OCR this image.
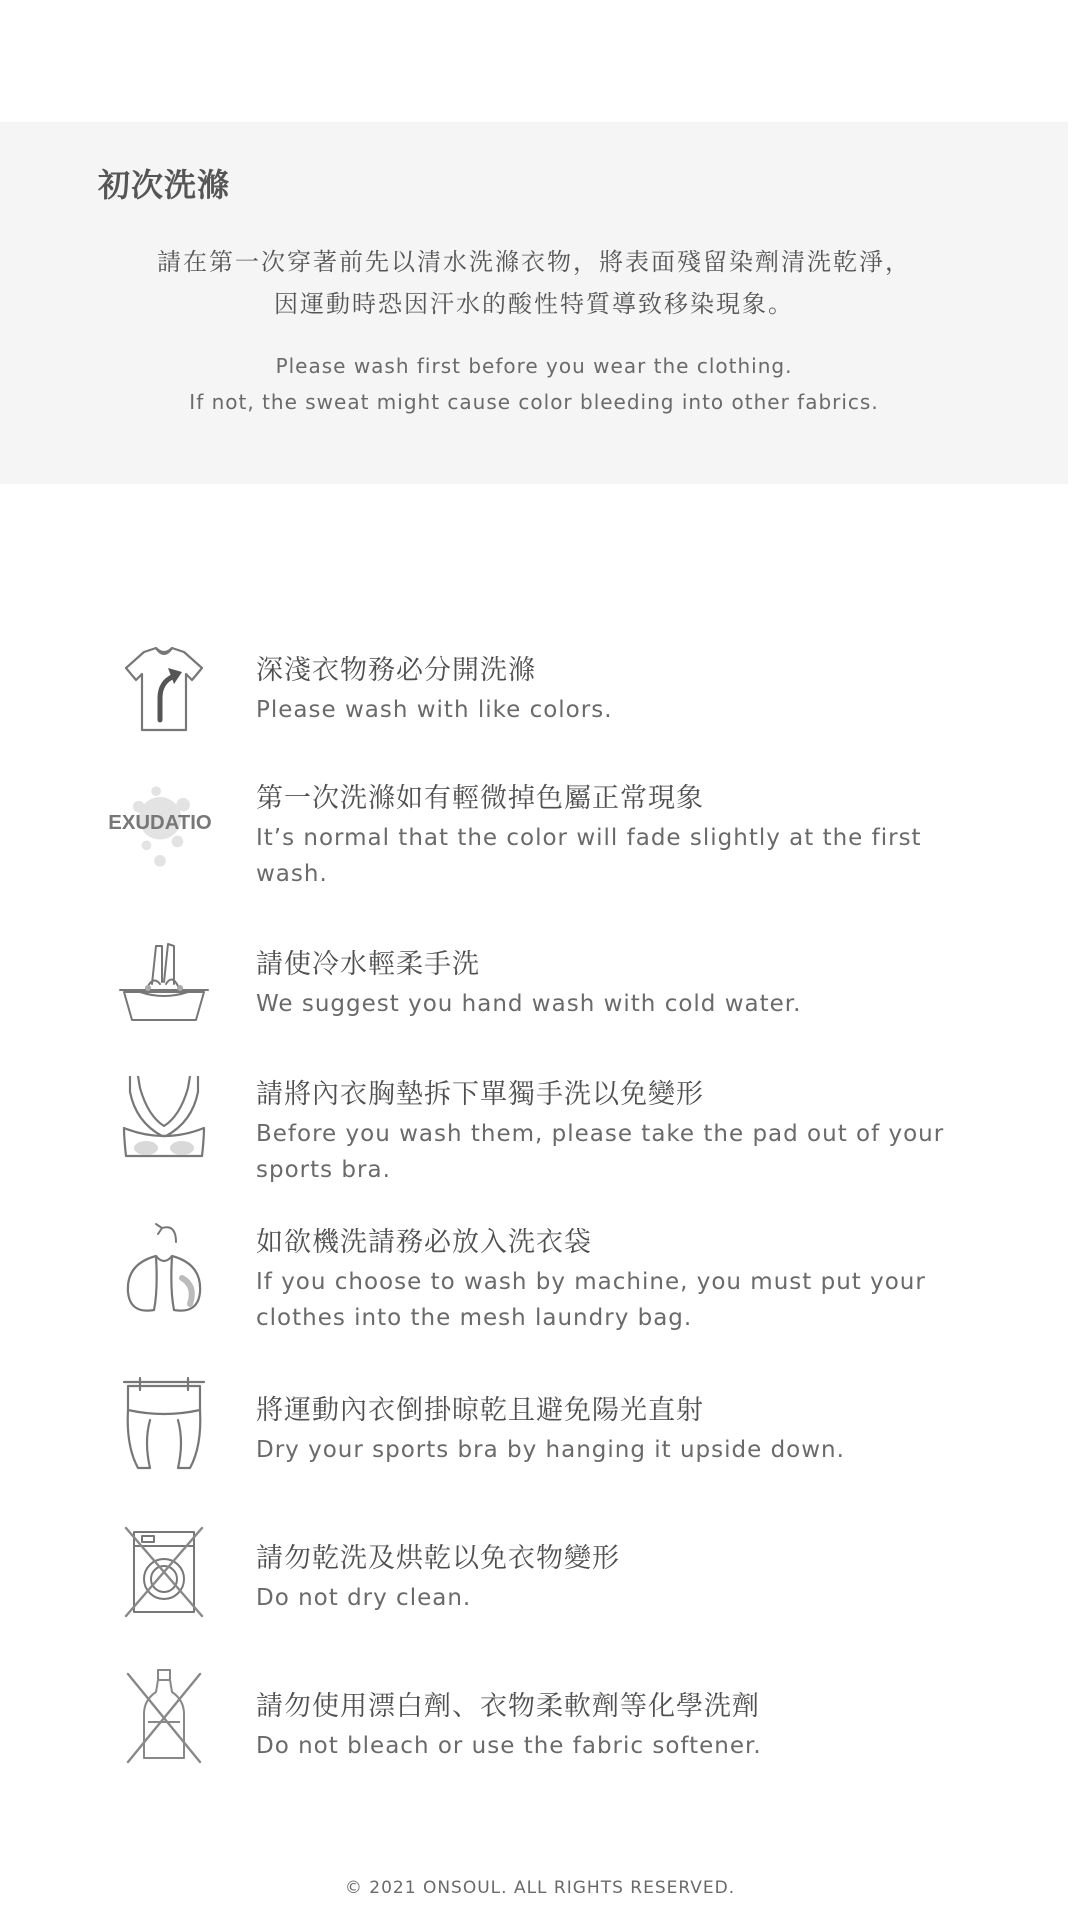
初次洗滌
請在第一次穿著前先以清水洗滌衣物，將表面殘留染劑清洗乾淨，
因運動時恐因汗水的酸性特質導致移染現象。
Please wash first before you wear the clothing.
If not, the sweat might cause color bleeding into other fabrics.
深淺衣物務必分開洗滌
Please wash with like colors.
EXUDATIO
第一次洗滌如有輕微掉色屬正常現象
It’s normal that the color will fade slightly at the first wash.
請使冷水輕柔手洗
We suggest you hand wash with cold water.
請將內衣胸墊拆下單獨手洗以免變形
Before you wash them, please take the pad out of your sports bra.
如欲機洗請務必放入洗衣袋
If you choose to wash by machine, you must put your clothes into the mesh laundry bag.
將運動內衣倒掛晾乾且避免陽光直射
Dry your sports bra by hanging it upside down.
請勿乾洗及烘乾以免衣物變形
Do not dry clean.
請勿使用漂白劑、衣物柔軟劑等化學洗劑
Do not bleach or use the fabric softener.
© 2021 ONSOUL. ALL RIGHTS RESERVED.
